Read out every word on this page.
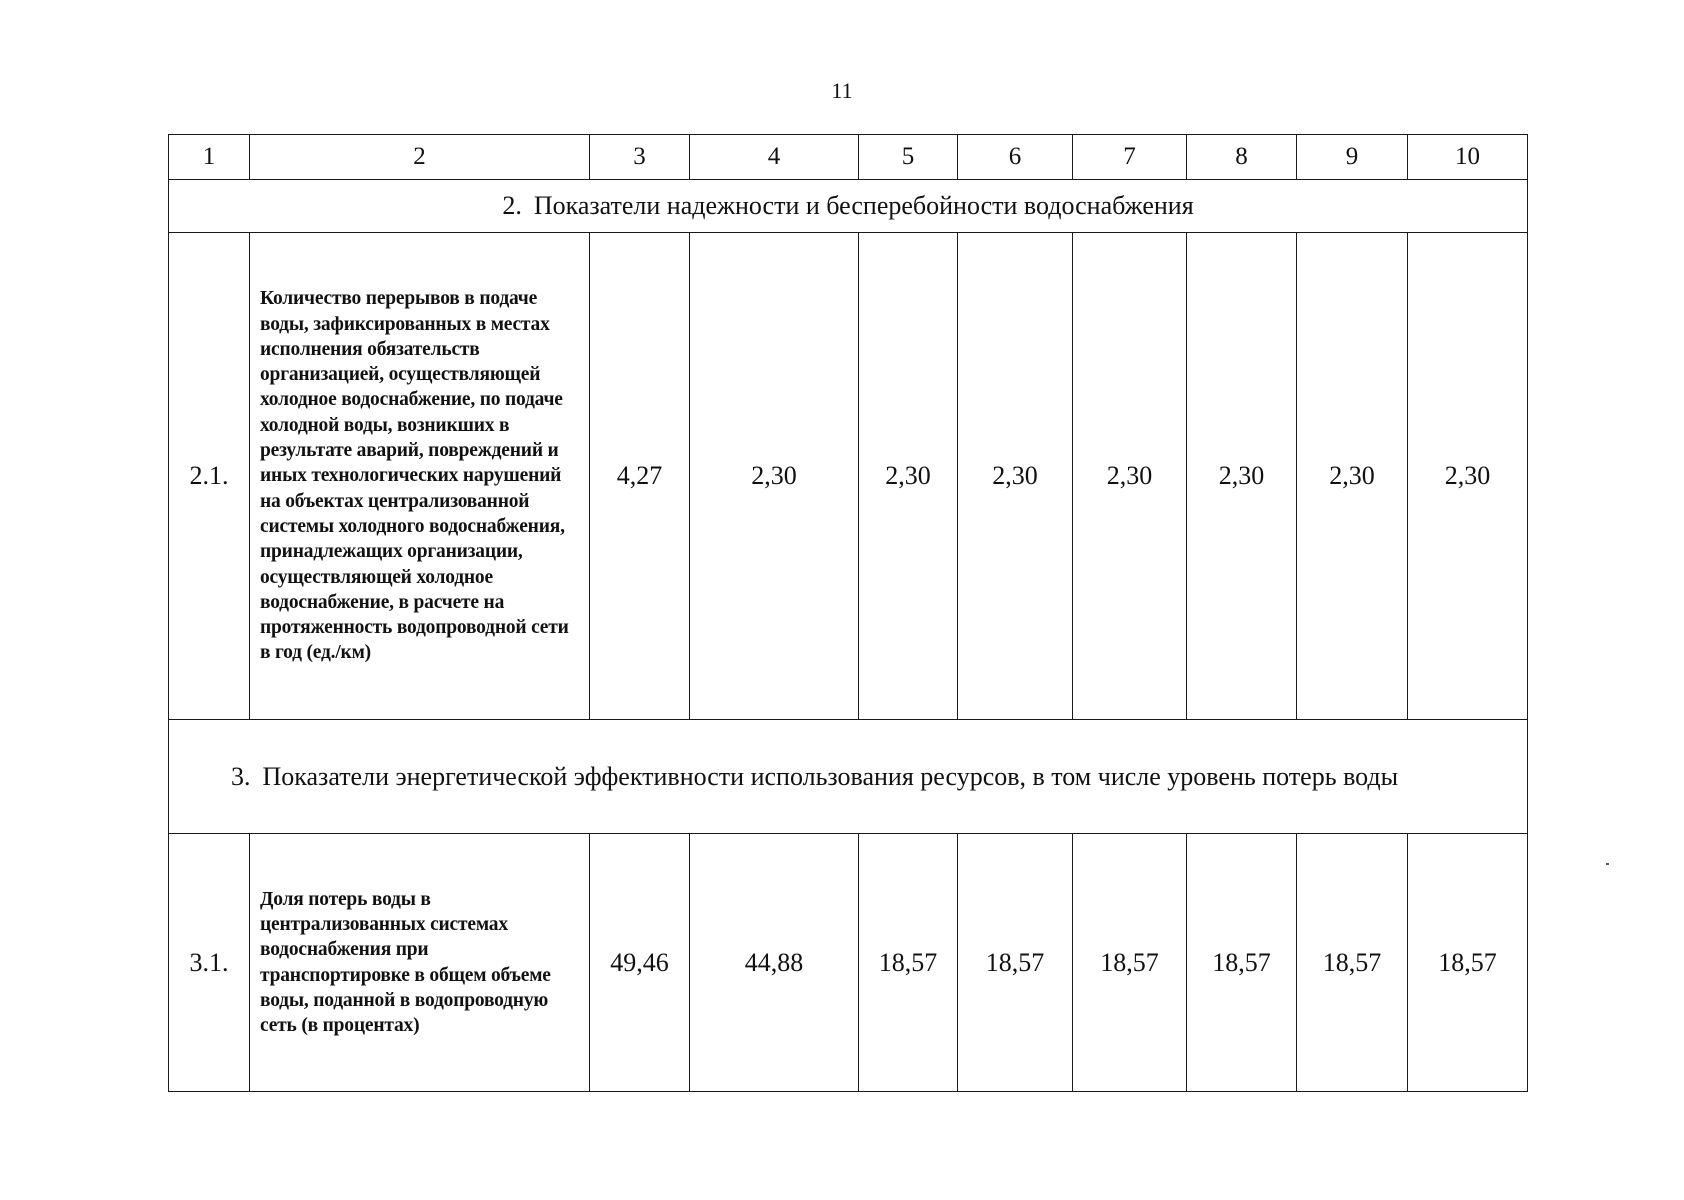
11
1	2	3	4	5	6	7	8	9	10
2. Показатели надежности и бесперебойности водоснабжения									
2.1.	Количество перерывов в подаче воды, зафиксированных в местах исполнения обязательств организацией, осуществляющей холодное водоснабжение, по подаче холодной воды, возникших в результате аварий, повреждений и иных технологических нарушений на объектах централизованной системы холодного водоснабжения, принадлежащих организации, осуществляющей холодное водоснабжение, в расчете на протяженность водопроводной сети в год (ед./км)	4,27	2,30	2,30	2,30	2,30	2,30	2,30	2,30
3. Показатели энергетической эффективности использования ресурсов, в том числе уровень потерь воды									
3.1.	Доля потерь воды в централизованных системах водоснабжения при транспортировке в общем объеме воды, поданной в водопроводную сеть (в процентах)	49,46	44,88	18,57	18,57	18,57	18,57	18,57	18,57
